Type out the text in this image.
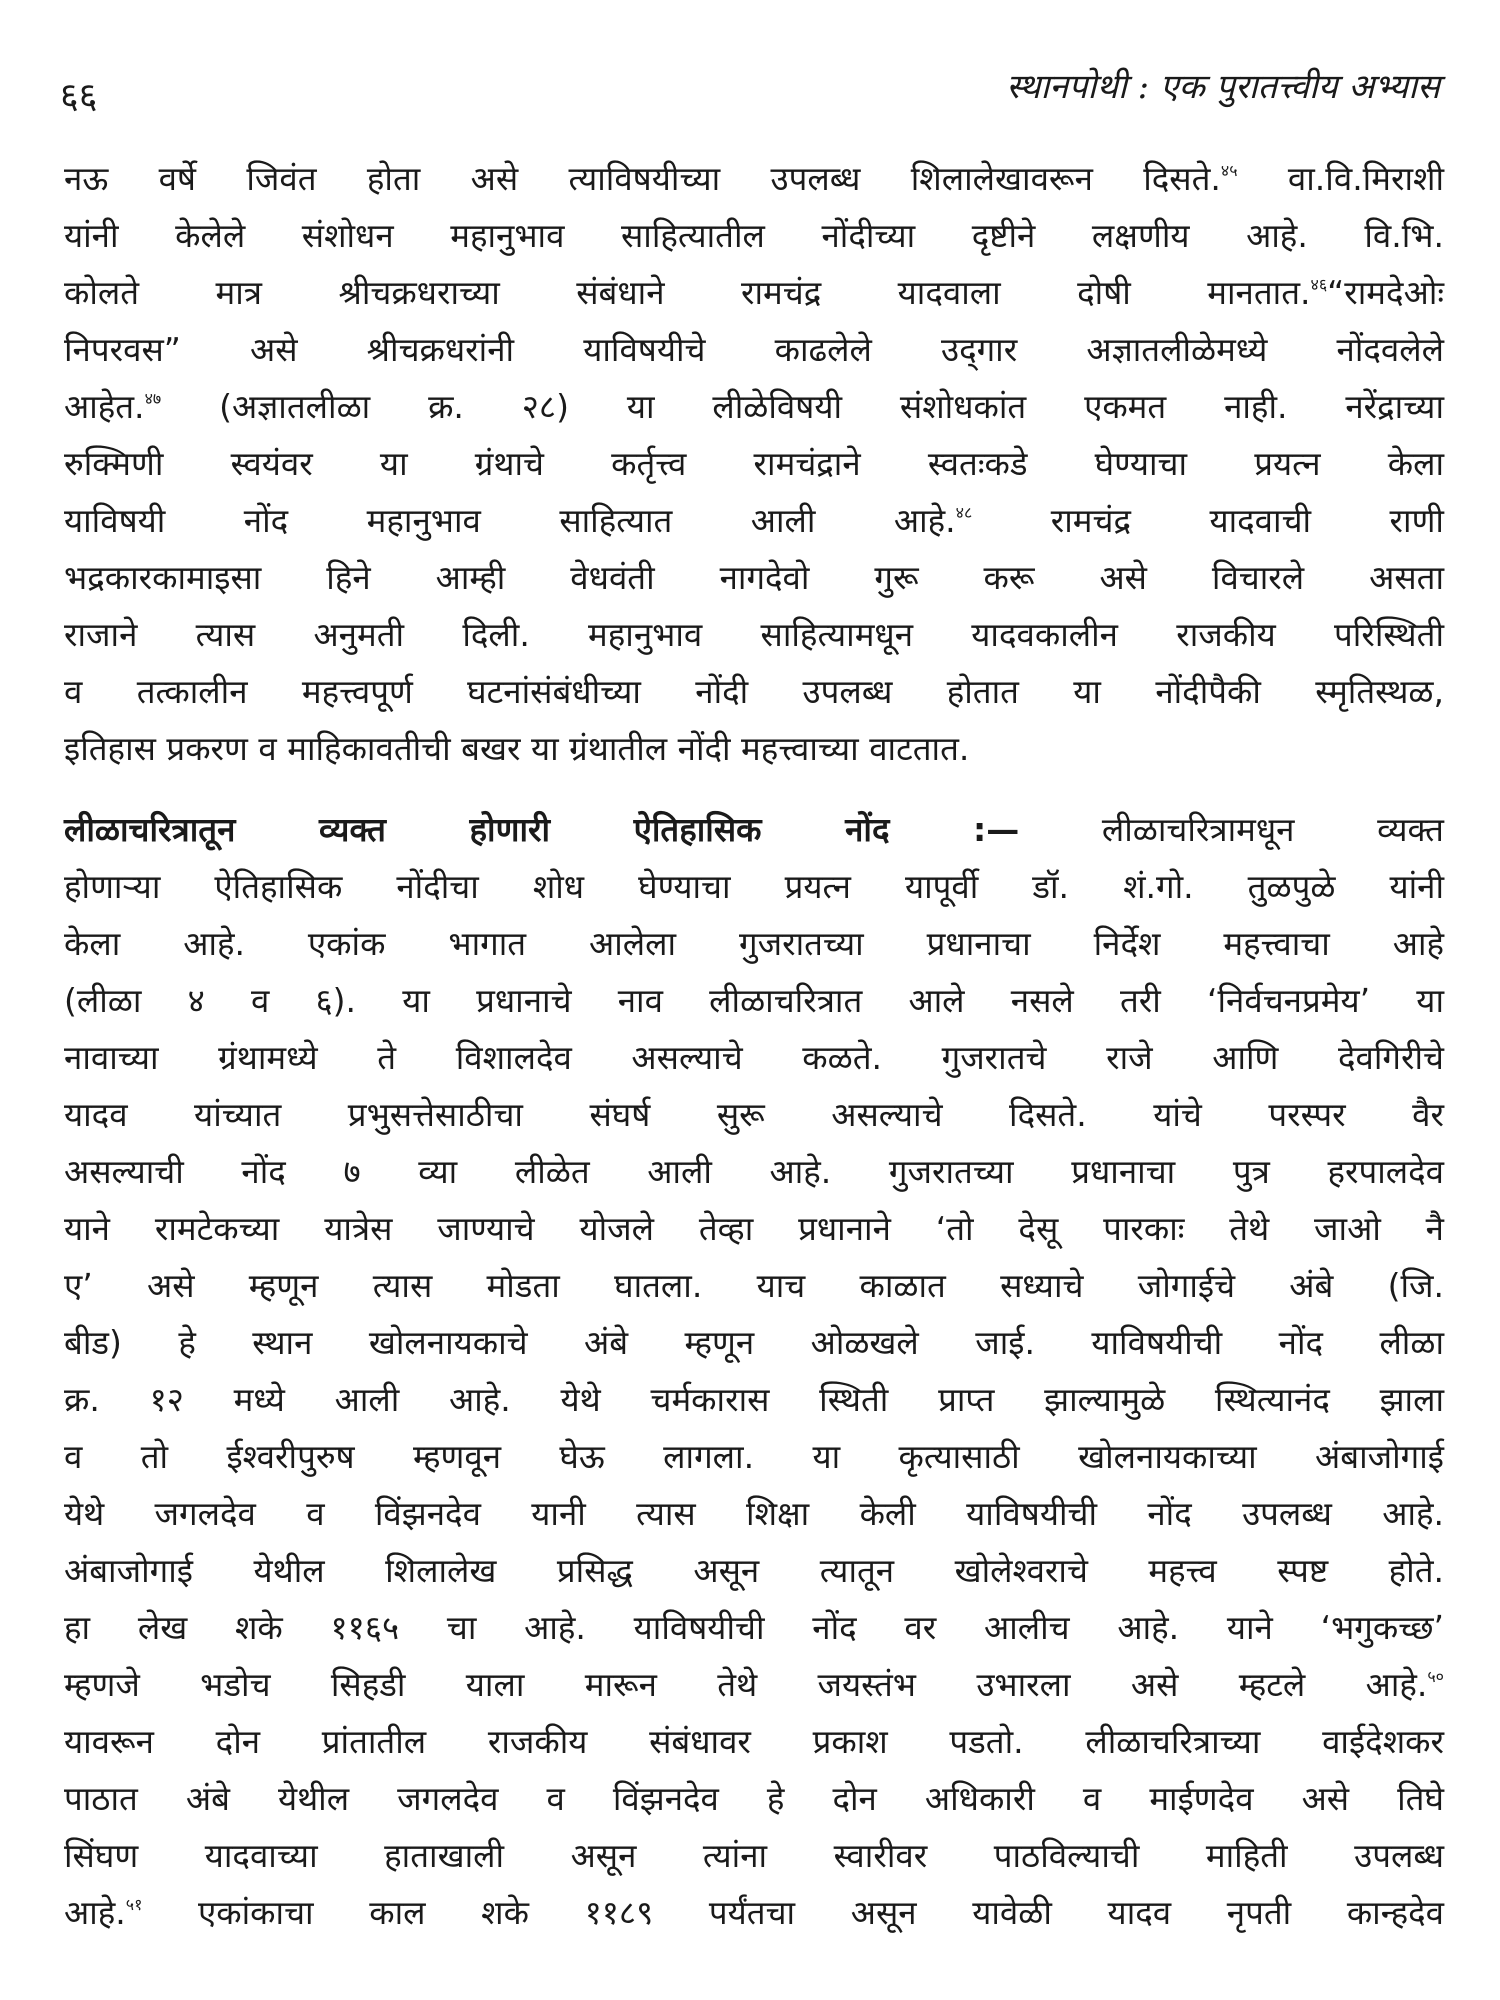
६६	स्थानपोथी : एक पुरातत्त्वीय अभ्यास

नऊ वर्षे जिवंत होता असे त्याविषयीच्या उपलब्ध शिलालेखावरून दिसते.$^{४५}$ वा.वि.मिराशी
यांनी केलेले संशोधन महानुभाव साहित्यातील नोंदीच्या दृष्टीने लक्षणीय आहे. वि.भि.
कोलते मात्र श्रीचक्रधराच्या संबंधाने रामचंद्र यादवाला दोषी मानतात.$^{४६}$“रामदेओः
निपरवस” असे श्रीचक्रधरांनी याविषयीचे काढलेले उद्‌गार अज्ञातलीळेमध्ये नोंदवलेले
आहेत.$^{४७}$ (अज्ञातलीळा क्र. २८) या लीळेविषयी संशोधकांत एकमत नाही. नरेंद्राच्या
रुक्मिणी स्वयंवर या ग्रंथाचे कर्तृत्त्व रामचंद्राने स्वतःकडे घेण्याचा प्रयत्न केला
याविषयी नोंद महानुभाव साहित्यात आली आहे.$^{४८}$ रामचंद्र यादवाची राणी
भद्रकारकामाइसा हिने आम्ही वेधवंती नागदेवो गुरू करू असे विचारले असता
राजाने त्यास अनुमती दिली. महानुभाव साहित्यामधून यादवकालीन राजकीय परिस्थिती
व तत्कालीन महत्त्वपूर्ण घटनांसंबंधीच्या नोंदी उपलब्ध होतात या नोंदीपैकी स्मृतिस्थळ,
इतिहास प्रकरण व माहिकावतीची बखर या ग्रंथातील नोंदी महत्त्वाच्या वाटतात.

लीळाचरित्रातून व्यक्त होणारी ऐतिहासिक नोंद :— लीळाचरित्रामधून व्यक्त
होणाऱ्या ऐतिहासिक नोंदीचा शोध घेण्याचा प्रयत्न यापूर्वी डॉ. शं.गो. तुळपुळे यांनी
केला आहे. एकांक भागात आलेला गुजरातच्या प्रधानाचा निर्देश महत्त्वाचा आहे
(लीळा ४ व ६). या प्रधानाचे नाव लीळाचरित्रात आले नसले तरी ‘निर्वचनप्रमेय’ या
नावाच्या ग्रंथामध्ये ते विशालदेव असल्याचे कळते. गुजरातचे राजे आणि देवगिरीचे
यादव यांच्यात प्रभुसत्तेसाठीचा संघर्ष सुरू असल्याचे दिसते. यांचे परस्पर वैर
असल्याची नोंद ७ व्या लीळेत आली आहे. गुजरातच्या प्रधानाचा पुत्र हरपालदेव
याने रामटेकच्या यात्रेस जाण्याचे योजले तेव्हा प्रधानाने ‘तो देसू पारकाः तेथे जाओ नै
ए’ असे म्हणून त्यास मोडता घातला. याच काळात सध्याचे जोगाईचे अंबे (जि.
बीड) हे स्थान खोलनायकाचे अंबे म्हणून ओळखले जाई. याविषयीची नोंद लीळा
क्र. १२ मध्ये आली आहे. येथे चर्मकारास स्थिती प्राप्त झाल्यामुळे स्थित्यानंद झाला
व तो ईश्वरीपुरुष म्हणवून घेऊ लागला. या कृत्यासाठी खोलनायकाच्या अंबाजोगाई
येथे जगलदेव व विंझनदेव यानी त्यास शिक्षा केली याविषयीची नोंद उपलब्ध आहे.
अंबाजोगाई येथील शिलालेख प्रसिद्ध असून त्यातून खोलेश्वराचे महत्त्व स्पष्ट होते.
हा लेख शके ११६५ चा आहे. याविषयीची नोंद वर आलीच आहे. याने ‘भगुकच्छ’
म्हणजे भडोच सिहडी याला मारून तेथे जयस्तंभ उभारला असे म्हटले आहे.$^{५०}$
यावरून दोन प्रांतातील राजकीय संबंधावर प्रकाश पडतो. लीळाचरित्राच्या वाईदेशकर
पाठात अंबे येथील जगलदेव व विंझनदेव हे दोन अधिकारी व माईणदेव असे तिघे
सिंघण यादवाच्या हाताखाली असून त्यांना स्वारीवर पाठविल्याची माहिती उपलब्ध
आहे.$^{५१}$ एकांकाचा काल शके ११८९ पर्यंतचा असून यावेळी यादव नृपती कान्हदेव
